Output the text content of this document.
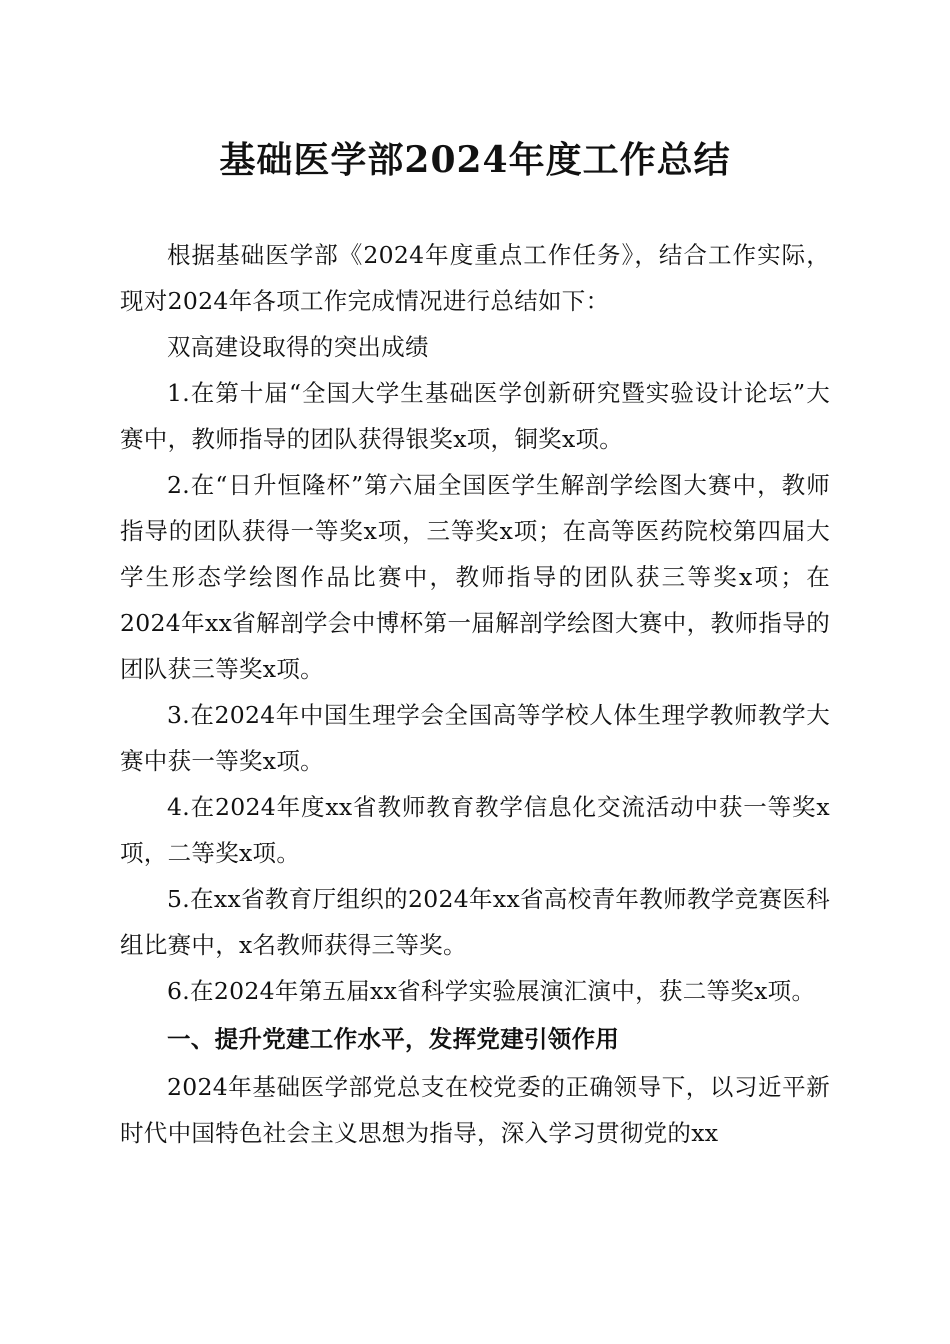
基础医学部2024年度工作总结

根据基础医学部《2024年度重点工作任务》，结合工作实际，现对2024年各项工作完成情况进行总结如下：

双高建设取得的突出成绩

1.在第十届“全国大学生基础医学创新研究暨实验设计论坛”大赛中，教师指导的团队获得银奖x项，铜奖x项。

2.在“日升恒隆杯”第六届全国医学生解剖学绘图大赛中，教师指导的团队获得一等奖x项，三等奖x项；在高等医药院校第四届大学生形态学绘图作品比赛中，教师指导的团队获三等奖x项；在2024年xx省解剖学会中博杯第一届解剖学绘图大赛中，教师指导的团队获三等奖x项。

3.在2024年中国生理学会全国高等学校人体生理学教师教学大赛中获一等奖x项。

4.在2024年度xx省教师教育教学信息化交流活动中获一等奖x项，二等奖x项。

5.在xx省教育厅组织的2024年xx省高校青年教师教学竞赛医科组比赛中，x名教师获得三等奖。

6.在2024年第五届xx省科学实验展演汇演中，获二等奖x项。

一、提升党建工作水平，发挥党建引领作用

2024年基础医学部党总支在校党委的正确领导下，以习近平新时代中国特色社会主义思想为指导，深入学习贯彻党的xx
